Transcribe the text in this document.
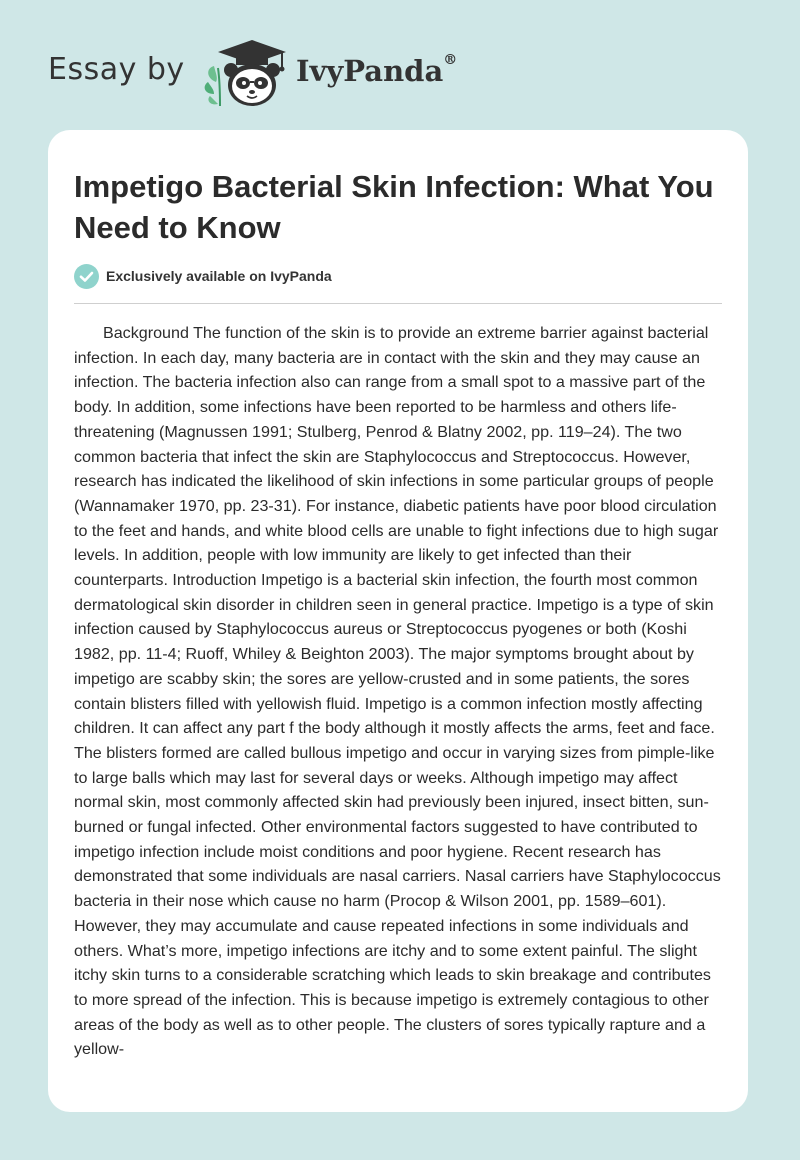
Essay by	IvyPanda®
Impetigo Bacterial Skin Infection: What You Need to Know
Exclusively available on IvyPanda

Background The function of the skin is to provide an extreme barrier against bacterial infection. In each day, many bacteria are in contact with the skin and they may cause an infection. The bacteria infection also can range from a small spot to a massive part of the body. In addition, some infections have been reported to be harmless and others life-threatening (Magnussen 1991; Stulberg, Penrod & Blatny 2002, pp. 119–24). The two common bacteria that infect the skin are Staphylococcus and Streptococcus. However, research has indicated the likelihood of skin infections in some particular groups of people (Wannamaker 1970, pp. 23-31). For instance, diabetic patients have poor blood circulation to the feet and hands, and white blood cells are unable to fight infections due to high sugar levels. In addition, people with low immunity are likely to get infected than their counterparts. Introduction Impetigo is a bacterial skin infection, the fourth most common dermatological skin disorder in children seen in general practice. Impetigo is a type of skin infection caused by Staphylococcus aureus or Streptococcus pyogenes or both (Koshi 1982, pp. 11-4; Ruoff, Whiley & Beighton 2003). The major symptoms brought about by impetigo are scabby skin; the sores are yellow-crusted and in some patients, the sores contain blisters filled with yellowish fluid. Impetigo is a common infection mostly affecting children. It can affect any part f the body although it mostly affects the arms, feet and face. The blisters formed are called bullous impetigo and occur in varying sizes from pimple-like to large balls which may last for several days or weeks. Although impetigo may affect normal skin, most commonly affected skin had previously been injured, insect bitten, sun-burned or fungal infected. Other environmental factors suggested to have contributed to impetigo infection include moist conditions and poor hygiene. Recent research has demonstrated that some individuals are nasal carriers. Nasal carriers have Staphylococcus bacteria in their nose which cause no harm (Procop & Wilson 2001, pp. 1589–601). However, they may accumulate and cause repeated infections in some individuals and others. What’s more, impetigo infections are itchy and to some extent painful. The slight itchy skin turns to a considerable scratching which leads to skin breakage and contributes to more spread of the infection. This is because impetigo is extremely contagious to other areas of the body as well as to other people. The clusters of sores typically rapture and a yellow-
